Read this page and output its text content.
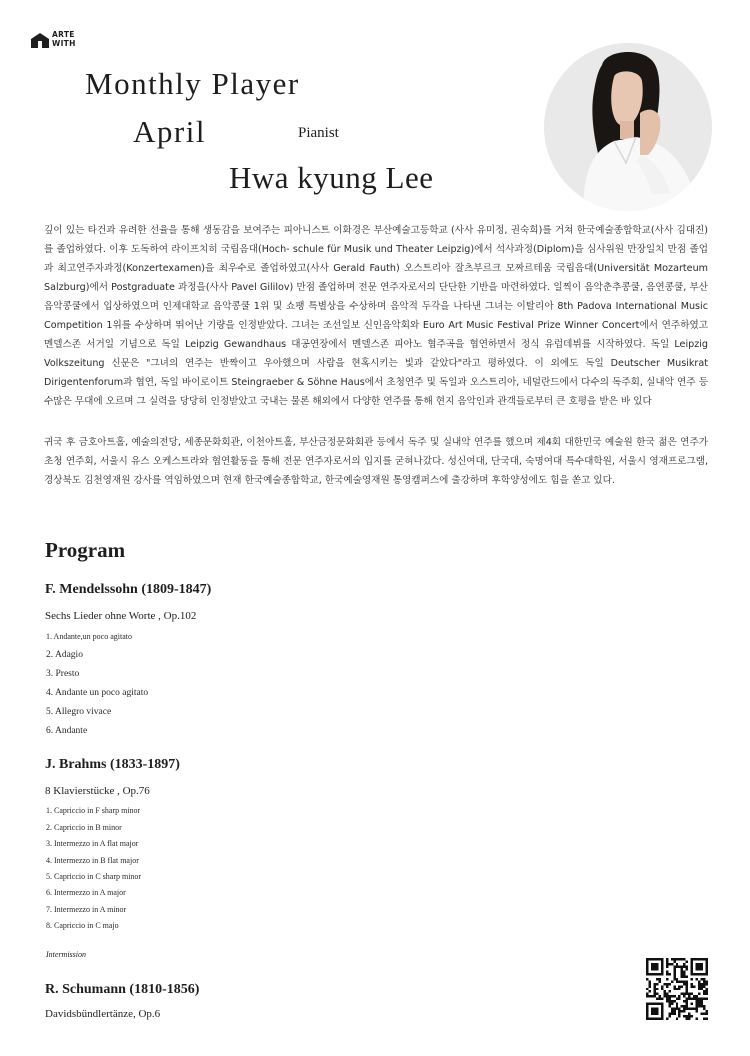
ARTE
WITH
Monthly Player
April	Pianist
Hwa kyung Lee

깊이 있는 타건과 유려한 선율을 통해 생동감을 보여주는 피아니스트 이화경은 부산예술고등학교 (사사 유미정, 권숙희)를 거쳐 한국예술종합학교(사사 김대진)를 졸업하였다. 이후 도독하여 라이프치히 국립음대(Hoch- schule für Musik und Theater Leipzig)에서 석사과정(Diplom)을 심사위원 만장일치 만점 졸업과 최고연주자과정(Konzertexamen)을 최우수로 졸업하였고(사사 Gerald Fauth) 오스트리아 잘츠부르크 모짜르테움 국립음대(Universität Mozarteum Salzburg)에서 Postgraduate 과정을(사사 Pavel Gililov) 만점 졸업하며 전문 연주자로서의 단단한 기반을 마련하였다. 일찍이 음악춘추콩쿨, 음연콩쿨, 부산음악콩쿨에서 입상하였으며 인제대학교 음악콩쿨 1위 및 쇼팽 특별상을 수상하며 음악적 두각을 나타낸 그녀는 이탈리아 8th Padova International Music Competition 1위를 수상하며 뛰어난 기량을 인정받았다. 그녀는 조선일보 신인음악회와 Euro Art Music Festival Prize Winner Concert에서 연주하였고 멘델스존 서거일 기념으로 독일 Leipzig Gewandhaus 대공연장에서 멘델스존 피아노 협주곡을 협연하면서 정식 유럽데뷔를 시작하였다. 독일 Leipzig Volkszeitung 신문은 "그녀의 연주는 반짝이고 우아했으며 사람을 현혹시키는 빛과 같았다"라고 평하였다. 이 외에도 독일 Deutscher Musikrat Dirigentenforum과 협연, 독일 바이로이트 Steingraeber & Söhne Haus에서 초청연주 및 독일과 오스트리아, 네덜란드에서 다수의 독주회, 실내악 연주 등 수많은 무대에 오르며 그 실력을 당당히 인정받았고 국내는 물론 해외에서 다양한 연주를 통해 현지 음악인과 관객들로부터 큰 호평을 받은 바 있다

귀국 후 금호아트홀, 예술의전당, 세종문화회관, 이천아트홀, 부산금정문화회관 등에서 독주 및 실내악 연주를 했으며 제4회 대한민국 예술원 한국 젊은 연주가 초청 연주회, 서울시 유스 오케스트라와 협연활동을 통해 전문 연주자로서의 입지를 굳혀나갔다. 성신여대, 단국대, 숙명여대 특수대학원, 서울시 영재프로그램, 경상북도 김천영재원 강사를 역임하였으며 현재 한국예술종합학교, 한국예술영재원 통영캠퍼스에 출강하며 후학양성에도 힘을 쏟고 있다.

Program
F. Mendelssohn (1809-1847)
Sechs Lieder ohne Worte , Op.102
1. Andante,un poco agitato
2. Adagio
3. Presto
4. Andante un poco agitato
5. Allegro vivace
6. Andante
J. Brahms (1833-1897)
8 Klavierstücke , Op.76
1. Capriccio in F sharp minor
2. Capriccio in B minor
3. Intermezzo in A flat major
4. Intermezzo in B flat major
5. Capriccio in C sharp minor
6. Intermezzo in A major
7. Intermezzo in A minor
8. Capriccio in C majo
Intermission
R. Schumann (1810-1856)
Davidsbündlertänze, Op.6
